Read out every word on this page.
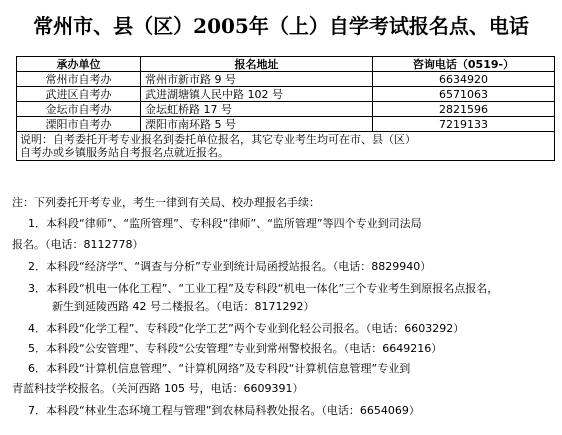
常州市、县（区）2005年（上）自学考试报名点、电话
承办单位	报名地址	咨询电话（0519-）
常州市自考办	常州市新市路 9 号	6634920
武进区自考办	武进湖塘镇人民中路 102 号	6571063
金坛市自考办	金坛虹桥路 17 号	2821596
溧阳市自考办	溧阳市南环路 5 号	7219133

说明：自考委托开考专业报名到委托单位报名，其它专业考生均可在市、县（区）
自考办或乡镇服务站自考报名点就近报名。		
注：下列委托开考专业，考生一律到有关局、校办理报名手续：
1．本科段“律师”、“监所管理”、专科段“律师”、“监所管理”等四个专业到司法局
报名。（电话：8112778）
2．本科段“经济学”、“调查与分析”专业到统计局函授站报名。（电话：8829940）
3．本科段“机电一体化工程”、“工业工程”及专科段“机电一体化”三个专业考生到原报名点报名，
新生到延陵西路 42 号二楼报名。（电话：8171292）
4．本科段“化学工程”、专科段“化学工艺”两个专业到化轻公司报名。（电话：6603292）
5．本科段“公安管理”、专科段“公安管理”专业到常州警校报名。（电话：6649216）
6．本科段“计算机信息管理”、“计算机网络”及专科段“计算机信息管理”专业到
青蓝科技学校报名。（关河西路 105 号，电话：6609391）
7．本科段“林业生态环境工程与管理”到农林局科教处报名。（电话：6654069）
